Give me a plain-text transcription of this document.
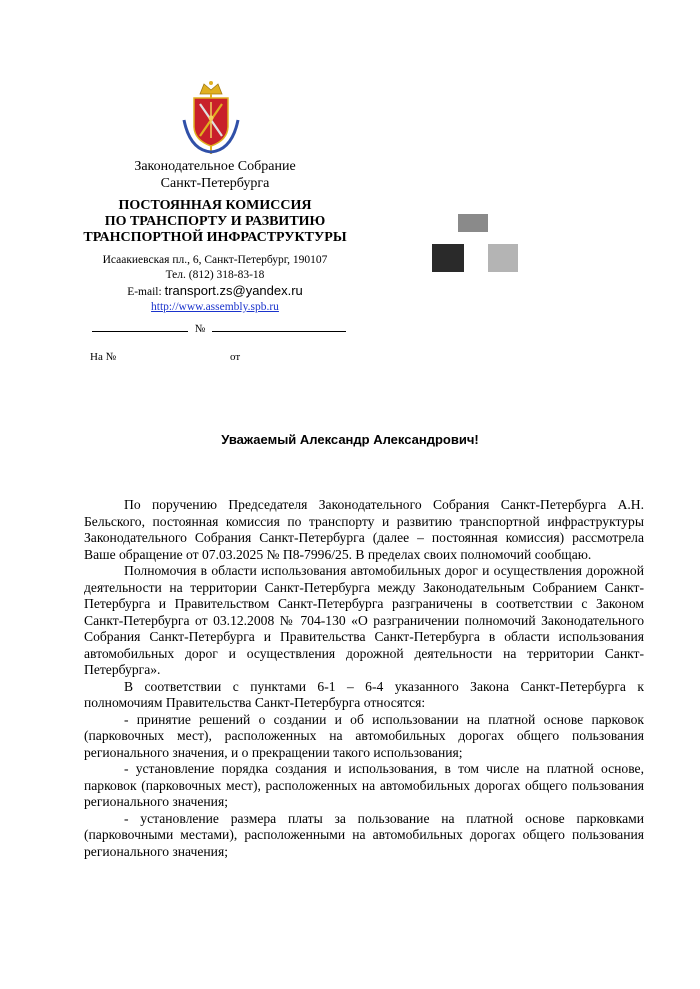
Законодательное Собрание
Санкт-Петербурга
ПОСТОЯННАЯ КОМИССИЯ
ПО ТРАНСПОРТУ И РАЗВИТИЮ
ТРАНСПОРТНОЙ ИНФРАСТРУКТУРЫ
Исаакиевская пл., 6, Санкт-Петербург, 190107
Тел. (812) 318-83-18
E-mail: transport.zs@yandex.ru
http://www.assembly.spb.ru
№
На №	от
Уважаемый Александр Александрович!

По поручению Председателя Законодательного Собрания Санкт-Петербурга А.Н. Бельского, постоянная комиссия по транспорту и развитию транспортной инфраструктуры Законодательного Собрания Санкт-Петербурга (далее – постоянная комиссия) рассмотрела Ваше обращение от 07.03.2025 № П8-7996/25. В пределах своих полномочий сообщаю.

Полномочия в области использования автомобильных дорог и осуществления дорожной деятельности на территории Санкт-Петербурга между Законодательным Собранием Санкт-Петербурга и Правительством Санкт-Петербурга разграничены в соответствии с Законом Санкт-Петербурга от 03.12.2008 № 704-130 «О разграничении полномочий Законодательного Собрания Санкт-Петербурга и Правительства Санкт-Петербурга в области использования автомобильных дорог и осуществления дорожной деятельности на территории Санкт-Петербурга».

В соответствии с пунктами 6-1 – 6-4 указанного Закона Санкт-Петербурга к полномочиям Правительства Санкт-Петербурга относятся:

- принятие решений о создании и об использовании на платной основе парковок (парковочных мест), расположенных на автомобильных дорогах общего пользования регионального значения, и о прекращении такого использования;

- установление порядка создания и использования, в том числе на платной основе, парковок (парковочных мест), расположенных на автомобильных дорогах общего пользования регионального значения;

- установление размера платы за пользование на платной основе парковками (парковочными местами), расположенными на автомобильных дорогах общего пользования регионального значения;
